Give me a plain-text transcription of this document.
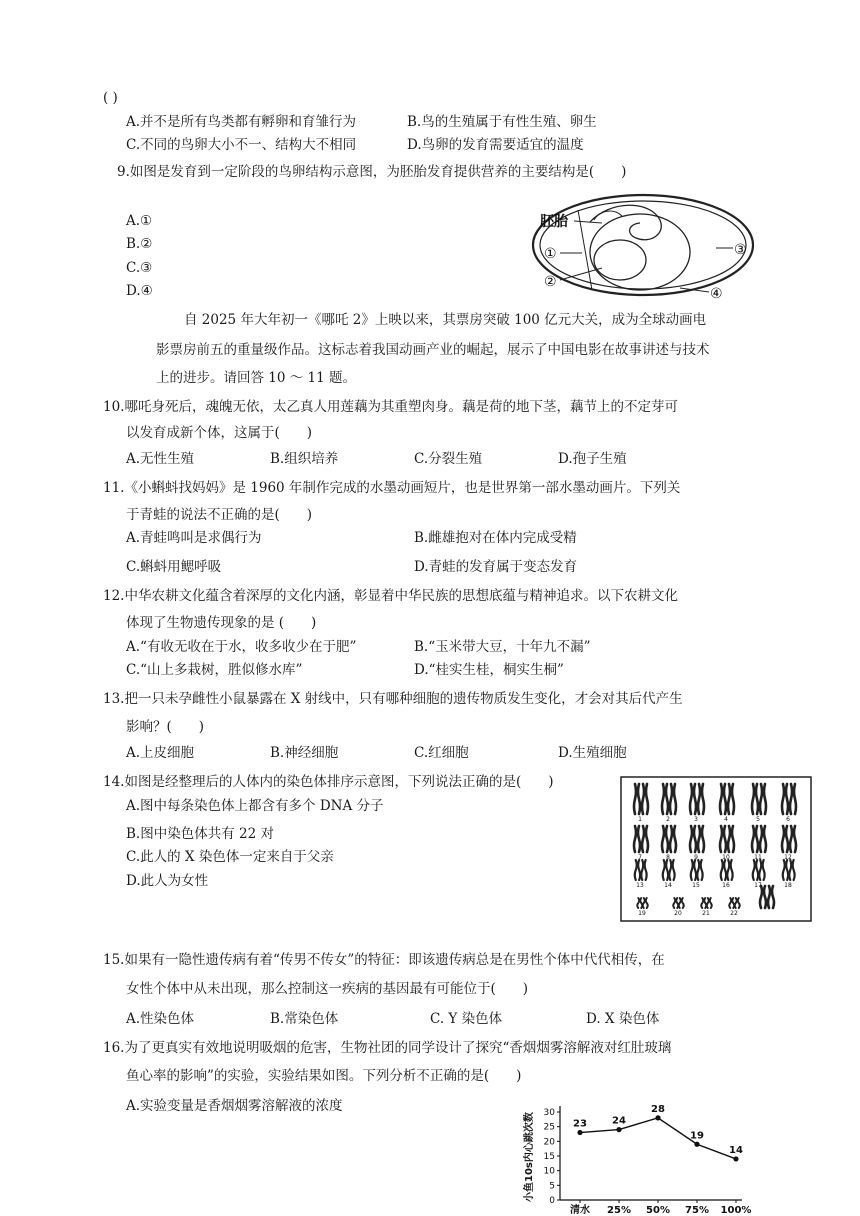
( )
A.并不是所有鸟类都有孵卵和育雏行为	B.鸟的生殖属于有性生殖、卵生
C.不同的鸟卵大小不一、结构大不相同	D.鸟卵的发育需要适宜的温度
9.如图是发育到一定阶段的鸟卵结构示意图，为胚胎发育提供营养的主要结构是(　　)
A.①
B.②
C.③
D.④
胚胎
①
②
③
④
自 2025 年大年初一《哪吒 2》上映以来，其票房突破 100 亿元大关，成为全球动画电
影票房前五的重量级作品。这标志着我国动画产业的崛起，展示了中国电影在故事讲述与技术
上的进步。请回答 10 ～ 11 题。
10.哪吒身死后，魂魄无依，太乙真人用莲藕为其重塑肉身。藕是荷的地下茎，藕节上的不定芽可
以发育成新个体，这属于(　　)
A.无性生殖	B.组织培养	C.分裂生殖	D.孢子生殖
11.《小蝌蚪找妈妈》是 1960 年制作完成的水墨动画短片，也是世界第一部水墨动画片。下列关
于青蛙的说法不正确的是(　　)
A.青蛙鸣叫是求偶行为	B.雌雄抱对在体内完成受精
C.蝌蚪用鳃呼吸	D.青蛙的发育属于变态发育
12.中华农耕文化蕴含着深厚的文化内涵，彰显着中华民族的思想底蕴与精神追求。以下农耕文化
体现了生物遗传现象的是 (　　)
A.“有收无收在于水，收多收少在于肥”	B.“玉米带大豆，十年九不漏”
C.“山上多栽树，胜似修水库”	D.“桂实生桂，桐实生桐”
13.把一只未孕雌性小鼠暴露在 X 射线中，只有哪种细胞的遗传物质发生变化，才会对其后代产生
影响？(　　)
A.上皮细胞	B.神经细胞	C.红细胞	D.生殖细胞
14.如图是经整理后的人体内的染色体排序示意图，下列说法正确的是(　　)
A.图中每条染色体上都含有多个 DNA 分子
B.图中染色体共有 22 对
C.此人的 X 染色体一定来自于父亲
D.此人为女性
1	2	3	4	5	6
7	8	9	10	11	12
13	14	15	16	17	18
19	20	21	22
15.如果有一隐性遗传病有着“传男不传女”的特征：即该遗传病总是在男性个体中代代相传，在
女性个体中从未出现，那么控制这一疾病的基因最有可能位于(　　)
A.性染色体	B.常染色体	C. Y 染色体	D. X 染色体
16.为了更真实有效地说明吸烟的危害，生物社团的同学设计了探究“香烟烟雾溶解液对红肚玻璃
鱼心率的影响”的实验，实验结果如图。下列分析不正确的是(　　)
A.实验变量是香烟烟雾溶解液的浓度
小鱼10s内心跳次数 0
5
10
15
20
25
30
23
清水
24
25%
28
50%
19
75%
14
100%
